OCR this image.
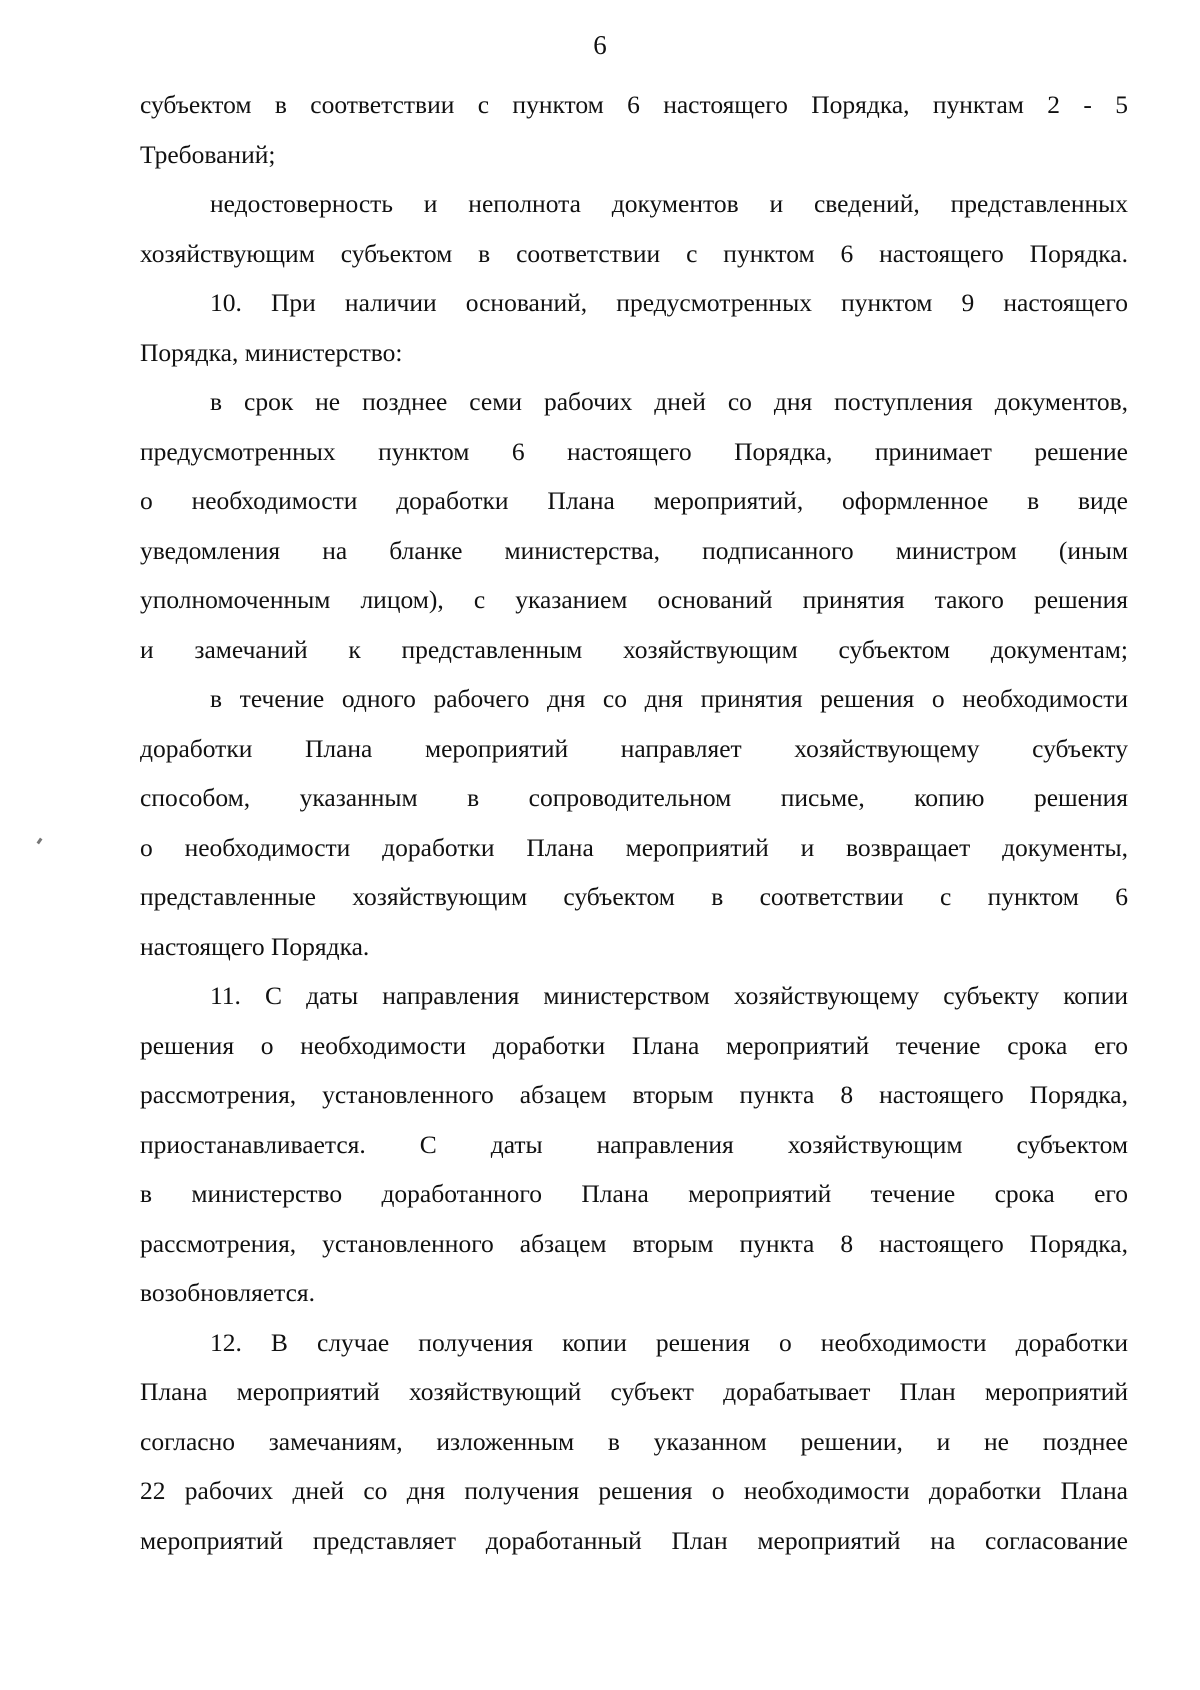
6
субъектом в соответствии с пунктом 6 настоящего Порядка, пунктам 2 - 5
Требований;
недостоверность и неполнота документов и сведений, представленных
хозяйствующим субъектом в соответствии с пунктом 6 настоящего Порядка.
10. При наличии оснований, предусмотренных пунктом 9 настоящего
Порядка, министерство:
в срок не позднее семи рабочих дней со дня поступления документов,
предусмотренных пунктом 6 настоящего Порядка, принимает решение
о необходимости доработки Плана мероприятий, оформленное в виде
уведомления на бланке министерства, подписанного министром (иным
уполномоченным лицом), с указанием оснований принятия такого решения
и замечаний к представленным хозяйствующим субъектом документам;
в течение одного рабочего дня со дня принятия решения о необходимости
доработки Плана мероприятий направляет хозяйствующему субъекту
способом, указанным в сопроводительном письме, копию решения
о необходимости доработки Плана мероприятий и возвращает документы,
представленные хозяйствующим субъектом в соответствии с пунктом 6
настоящего Порядка.
11. С даты направления министерством хозяйствующему субъекту копии
решения о необходимости доработки Плана мероприятий течение срока его
рассмотрения, установленного абзацем вторым пункта 8 настоящего Порядка,
приостанавливается. С даты направления хозяйствующим субъектом
в министерство доработанного Плана мероприятий течение срока его
рассмотрения, установленного абзацем вторым пункта 8 настоящего Порядка,
возобновляется.
12. В случае получения копии решения о необходимости доработки
Плана мероприятий хозяйствующий субъект дорабатывает План мероприятий
согласно замечаниям, изложенным в указанном решении, и не позднее
22 рабочих дней со дня получения решения о необходимости доработки Плана
мероприятий представляет доработанный План мероприятий на согласование
